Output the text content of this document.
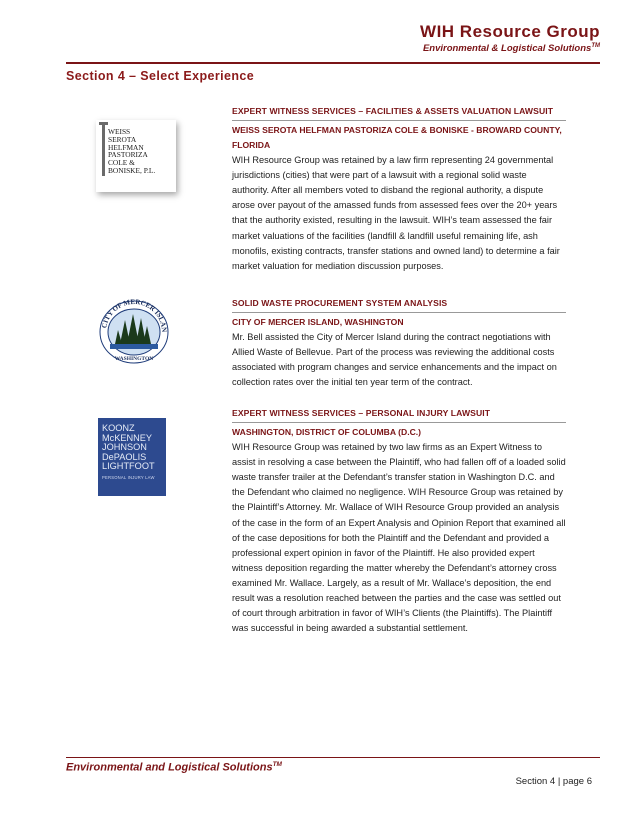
WIH Resource Group
Environmental & Logistical Solutions™
Section 4 – Select Experience
WEISS
SEROTA
HELFMAN
PASTORIZA
COLE &
BONISKE, P.L.
EXPERT WITNESS SERVICES – FACILITIES & ASSETS VALUATION LAWSUIT
WEISS SEROTA HELFMAN PASTORIZA COLE & BONISKE - BROWARD COUNTY, FLORIDA

WIH Resource Group was retained by a law firm representing 24 governmental jurisdictions (cities) that were part of a lawsuit with a regional solid waste authority. After all members voted to disband the regional authority, a dispute arose over payout of the amassed funds from assessed fees over the 20+ years that the authority existed, resulting in the lawsuit. WIH’s team assessed the fair market valuations of the facilities (landfill & landfill useful remaining life, ash monofils, existing contracts, transfer stations and owned land) to determine a fair market valuation for mediation discussion purposes.

CITY OF MERCER ISLAN
WASHINGTON
SOLID WASTE PROCUREMENT SYSTEM ANALYSIS
CITY OF MERCER ISLAND, WASHINGTON

Mr. Bell assisted the City of Mercer Island during the contract negotiations with Allied Waste of Bellevue. Part of the process was reviewing the additional costs associated with program changes and service enhancements and the impact on collection rates over the initial ten year term of the contract.

KOONZ
McKENNEY
JOHNSON
DePAOLIS
LIGHTFOOT
PERSONAL INJURY LAW
EXPERT WITNESS SERVICES – PERSONAL INJURY LAWSUIT
WASHINGTON, DISTRICT OF COLUMBA (D.C.)

WIH Resource Group was retained by two law firms as an Expert Witness to assist in resolving a case between the Plaintiff, who had fallen off of a loaded solid waste transfer trailer at the Defendant’s transfer station in Washington D.C. and the Defendant who claimed no negligence. WIH Resource Group was retained by the Plaintiff’s Attorney. Mr. Wallace of WIH Resource Group provided an analysis of the case in the form of an Expert Analysis and Opinion Report that examined all of the case depositions for both the Plaintiff and the Defendant and provided a professional expert opinion in favor of the Plaintiff. He also provided expert witness deposition regarding the matter whereby the Defendant’s attorney cross examined Mr. Wallace. Largely, as a result of Mr. Wallace’s deposition, the end result was a resolution reached between the parties and the case was settled out of court through arbitration in favor of WIH’s Clients (the Plaintiffs). The Plaintiff was successful in being awarded a substantial settlement.

Environmental and Logistical Solutions™
Section 4 | page 6
